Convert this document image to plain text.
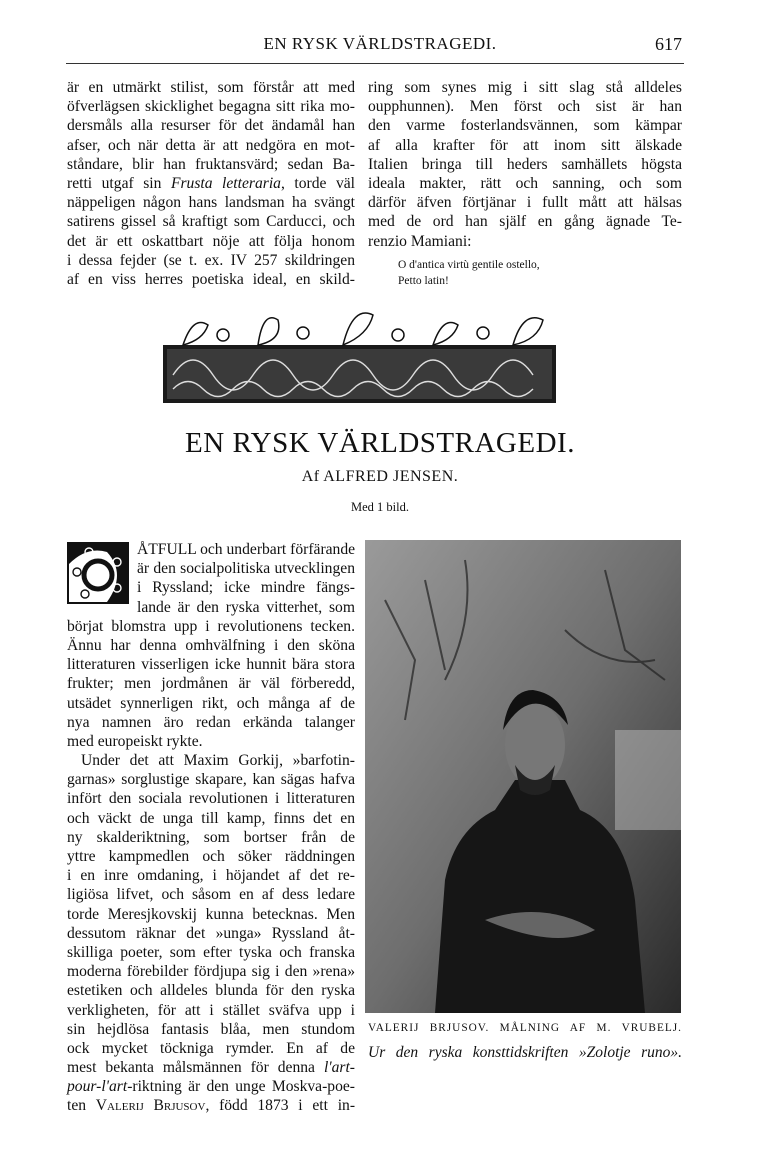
EN RYSK VÄRLDSTRAGEDI.	617
är en utmärkt stilist, som förstår att med
öfverlägsen skicklighet begagna sitt rika mo-
dersmåls alla resurser för det ändamål han
afser, och när detta är att nedgöra en mot-
ståndare, blir han fruktansvärd; sedan Ba-
retti utgaf sin Frusta letteraria, torde väl
näppeligen någon hans landsman ha svängt
satirens gissel så kraftigt som Carducci, och
det är ett oskattbart nöje att följa honom
i dessa fejder (se t. ex. IV 257 skildringen
af en viss herres poetiska ideal, en skild-
ring som synes mig i sitt slag stå alldeles
oupphunnen). Men först och sist är han
den varme fosterlandsvännen, som kämpar
af alla krafter för att inom sitt älskade
Italien bringa till heders samhällets högsta
ideala makter, rätt och sanning, och som
därför äfven förtjänar i fullt mått att hälsas
med de ord han själf en gång ägnade Te-
renzio Mamiani:
O d'antica virtù gentile ostello,
Petto latin!
EN RYSK VÄRLDSTRAGEDI.
Af ALFRED JENSEN.
Med 1 bild.
ÅTFULL och underbart förfärande
är den socialpolitiska utvecklingen
i Ryssland; icke mindre fängs-
lande är den ryska vitterhet, som
börjat blomstra upp i revolutionens tecken.
Ännu har denna omhvälfning i den sköna
litteraturen visserligen icke hunnit bära stora
frukter; men jordmånen är väl förberedd,
utsädet synnerligen rikt, och många af de
nya namnen äro redan erkända talanger
med europeiskt rykte.
Under det att Maxim Gorkij, »barfotin-
garnas» sorglustige skapare, kan sägas hafva
infört den sociala revolutionen i litteraturen
och väckt de unga till kamp, finns det en
ny skalderiktning, som bortser från de
yttre kampmedlen och söker räddningen
i en inre omdaning, i höjandet af det re-
ligiösa lifvet, och såsom en af dess ledare
torde Meresjkovskij kunna betecknas. Men
dessutom räknar det »unga» Ryssland åt-
skilliga poeter, som efter tyska och franska
moderna förebilder fördjupa sig i den »rena»
estetiken och alldeles blunda för den ryska
verkligheten, för att i stället sväfva upp i
sin hejdlösa fantasis blåa, men stundom
ock mycket töckniga rymder. En af de
mest bekanta målsmännen för denna l'art-
pour-l'art-riktning är den unge Moskva-poe-
ten Valerij Brjusov, född 1873 i ett in-
VALERIJ BRJUSOV. MÅLNING AF M. VRUBELJ.
Ur den ryska konsttidskriften »Zolotje runo».
